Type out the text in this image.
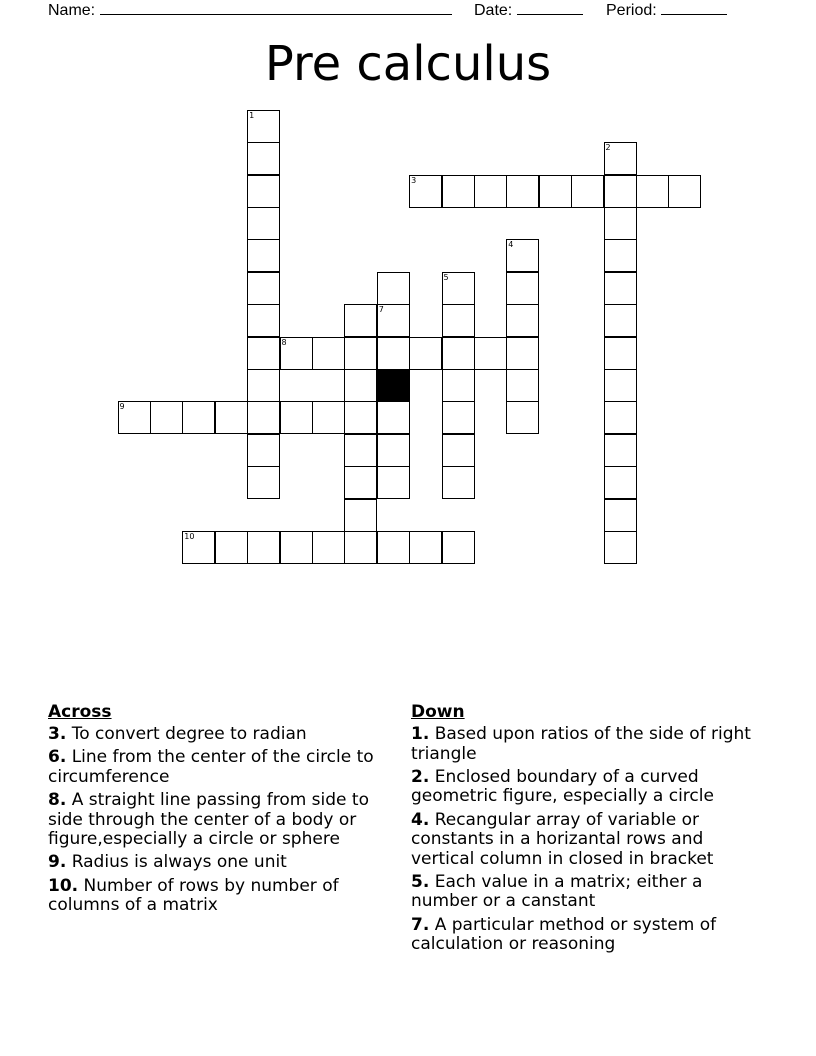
Name:	Date:	Period:
Pre calculus
1
2
3
4
5
7
8
9
10
Across
3. To convert degree to radian
6. Line from the center of the circle to circumference
8. A straight line passing from side to side through the center of a body or figure,especially a circle or sphere
9. Radius is always one unit
10. Number of rows by number of columns of a matrix
Down
1. Based upon ratios of the side of right triangle
2. Enclosed boundary of a curved geometric figure, especially a circle
4. Recangular array of variable or constants in a horizantal rows and vertical column in closed in bracket
5. Each value in a matrix; either a number or a canstant
7. A particular method or system of calculation or reasoning
